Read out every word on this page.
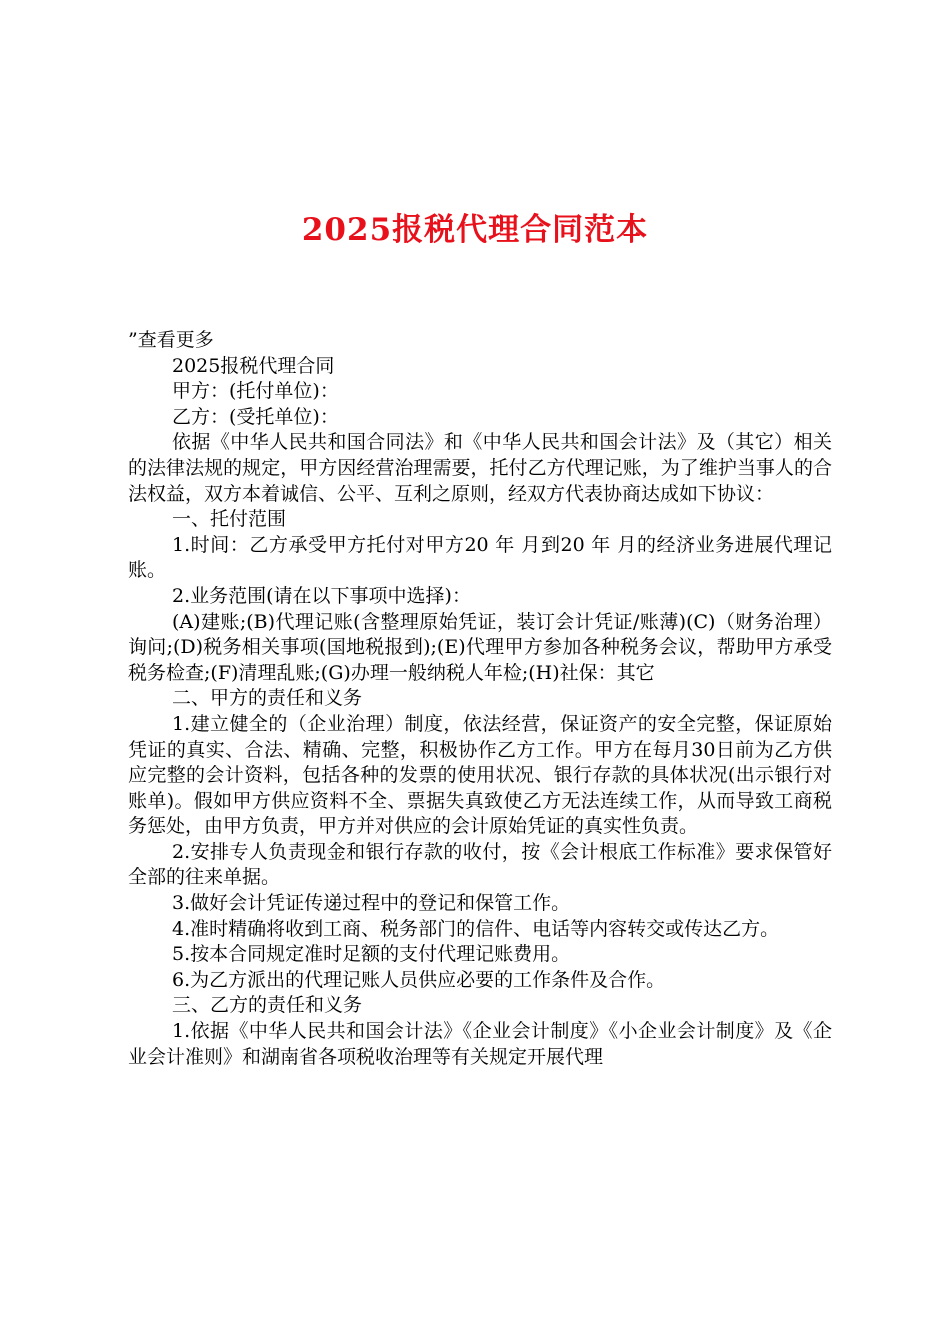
2025报税代理合同范本

”查看更多

2025报税代理合同

甲方：(托付单位)：

乙方：(受托单位)：

依据《中华人民共和国合同法》和《中华人民共和国会计法》及（其它）相关的法律法规的规定，甲方因经营治理需要，托付乙方代理记账，为了维护当事人的合法权益，双方本着诚信、公平、互利之原则，经双方代表协商达成如下协议：

一、托付范围

1.时间：乙方承受甲方托付对甲方20 年 月到20 年 月的经济业务进展代理记账。

2.业务范围(请在以下事项中选择)：

(A)建账;(B)代理记账(含整理原始凭证，装订会计凭证/账薄)(C)（财务治理）询问;(D)税务相关事项(国地税报到);(E)代理甲方参加各种税务会议，帮助甲方承受税务检查;(F)清理乱账;(G)办理一般纳税人年检;(H)社保：其它

二、甲方的责任和义务

1.建立健全的（企业治理）制度，依法经营，保证资产的安全完整，保证原始凭证的真实、合法、精确、完整，积极协作乙方工作。甲方在每月30日前为乙方供应完整的会计资料，包括各种的发票的使用状况、银行存款的具体状况(出示银行对账单)。假如甲方供应资料不全、票据失真致使乙方无法连续工作，从而导致工商税务惩处，由甲方负责，甲方并对供应的会计原始凭证的真实性负责。

2.安排专人负责现金和银行存款的收付，按《会计根底工作标准》要求保管好全部的往来单据。

3.做好会计凭证传递过程中的登记和保管工作。

4.准时精确将收到工商、税务部门的信件、电话等内容转交或传达乙方。

5.按本合同规定准时足额的支付代理记账费用。

6.为乙方派出的代理记账人员供应必要的工作条件及合作。

三、乙方的责任和义务

1.依据《中华人民共和国会计法》《企业会计制度》《小企业会计制度》及《企业会计准则》和湖南省各项税收治理等有关规定开展代理
